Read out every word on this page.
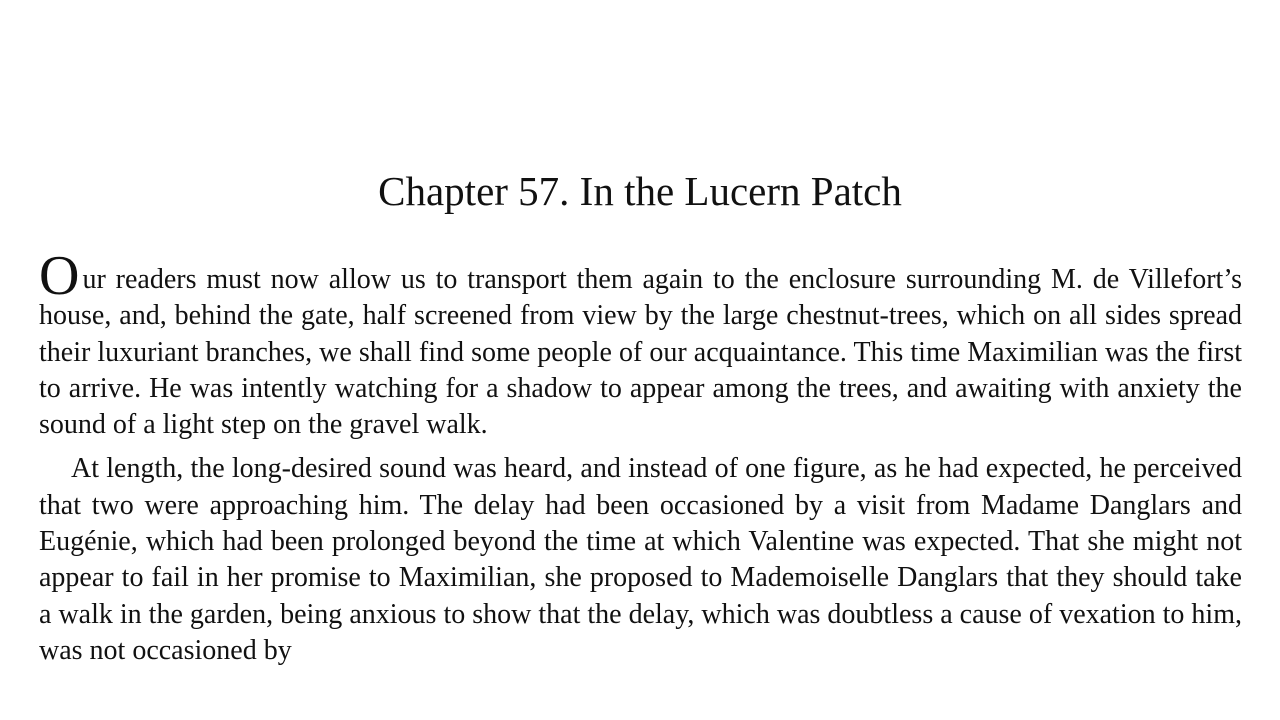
Chapter 57. In the Lucern Patch

Our readers must now allow us to transport them again to the enclosure surrounding M. de Villefort’s house, and, behind the gate, half screened from view by the large chestnut-trees, which on all sides spread their luxuriant branches, we shall find some people of our acquaintance. This time Maximilian was the first to arrive. He was intently watching for a shadow to appear among the trees, and awaiting with anxiety the sound of a light step on the gravel walk.

At length, the long-desired sound was heard, and instead of one figure, as he had expected, he perceived that two were approaching him. The delay had been occasioned by a visit from Madame Danglars and Eugénie, which had been prolonged beyond the time at which Valentine was expected. That she might not appear to fail in her promise to Maximilian, she proposed to Mademoiselle Danglars that they should take a walk in the garden, being anxious to show that the delay, which was doubtless a cause of vexation to him, was not occasioned by
